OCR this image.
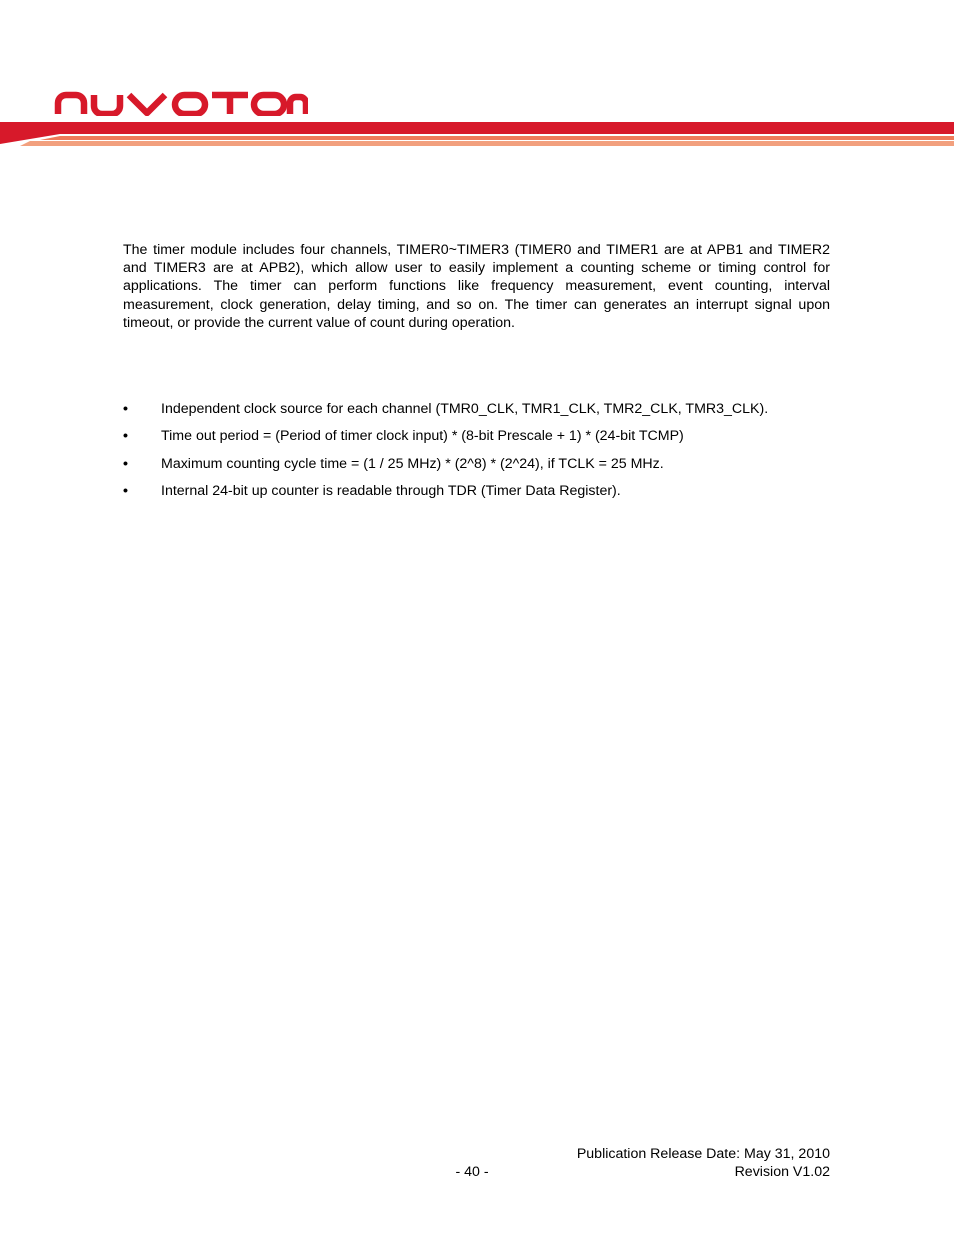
The timer module includes four channels, TIMER0~TIMER3 (TIMER0 and TIMER1 are at APB1 and TIMER2 and TIMER3 are at APB2), which allow user to easily implement a counting scheme or timing control for applications. The timer can perform functions like frequency measurement, event counting, interval measurement, clock generation, delay timing, and so on. The timer can generates an interrupt signal upon timeout, or provide the current value of count during operation.

•	Independent clock source for each channel (TMR0_CLK, TMR1_CLK, TMR2_CLK, TMR3_CLK).
•	Time out period = (Period of timer clock input) * (8-bit Prescale + 1) * (24-bit TCMP)
•	Maximum counting cycle time = (1 / 25 MHz) * (2^8) * (2^24), if TCLK = 25 MHz.
•	Internal 24-bit up counter is readable through TDR (Timer Data Register).
Publication Release Date: May 31, 2010
Revision V1.02
- 40 -
